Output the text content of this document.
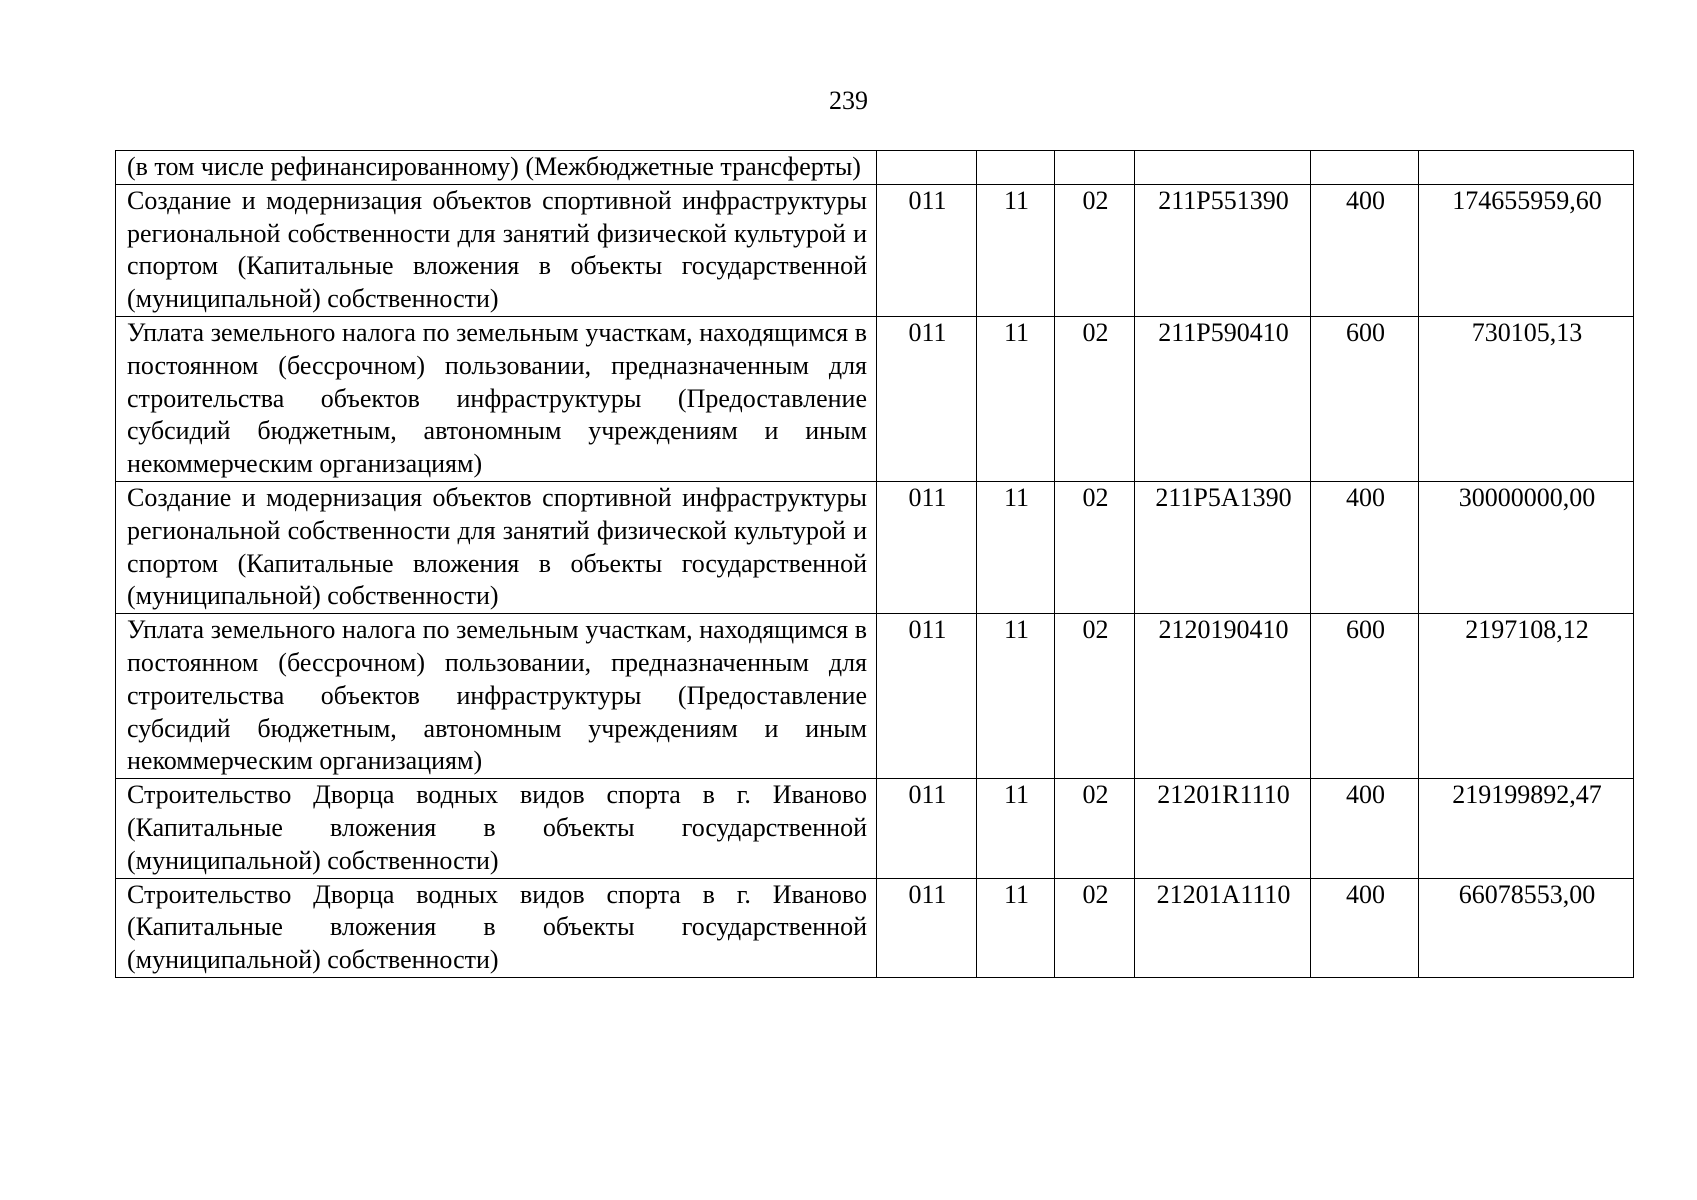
239
(в том числе рефинансированному) (Межбюджетные трансферты)						
Создание и модернизация объектов спортивной инфраструктуры региональной собственности для занятий физической культурой и спортом (Капитальные вложения в объекты государственной (муниципальной) собственности)	011	11	02	211P551390	400	174655959,60
Уплата земельного налога по земельным участкам, находящимся в постоянном (бессрочном) пользовании, предназначенным для строительства объектов инфраструктуры (Предоставление субсидий бюджетным, автономным учреждениям и иным некоммерческим организациям)	011	11	02	211P590410	600	730105,13
Создание и модернизация объектов спортивной инфраструктуры региональной собственности для занятий физической культурой и спортом (Капитальные вложения в объекты государственной (муниципальной) собственности)	011	11	02	211P5A1390	400	30000000,00
Уплата земельного налога по земельным участкам, находящимся в постоянном (бессрочном) пользовании, предназначенным для строительства объектов инфраструктуры (Предоставление субсидий бюджетным, автономным учреждениям и иным некоммерческим организациям)	011	11	02	2120190410	600	2197108,12
Строительство Дворца водных видов спорта в г. Иваново (Капитальные вложения в объекты государственной (муниципальной) собственности)	011	11	02	21201R1110	400	219199892,47
Строительство Дворца водных видов спорта в г. Иваново (Капитальные вложения в объекты государственной (муниципальной) собственности)	011	11	02	21201A1110	400	66078553,00
